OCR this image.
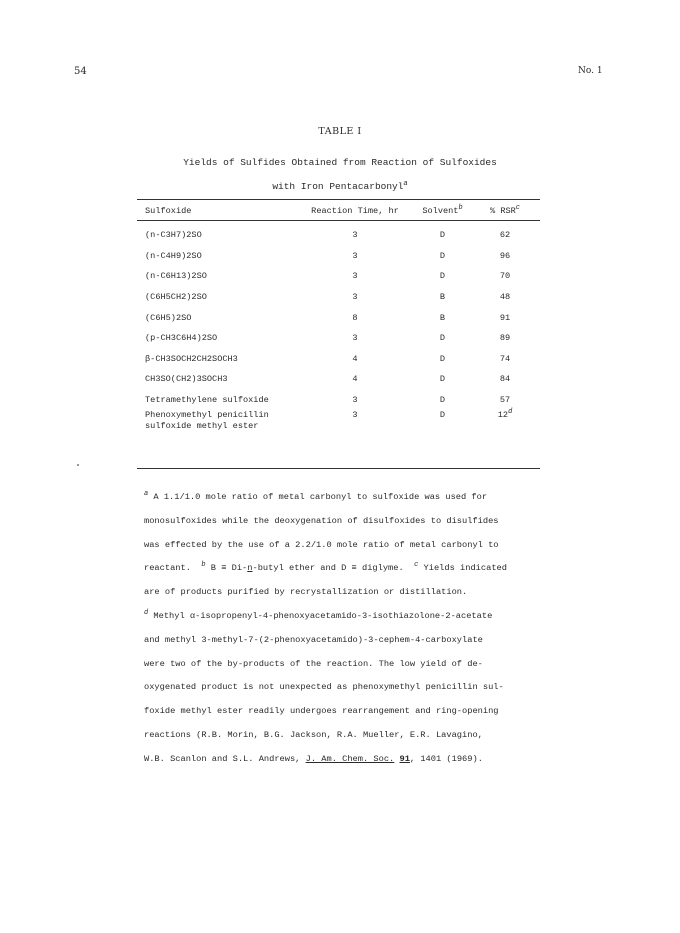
54	No. 1
TABLE I
Yields of Sulfides Obtained from Reaction of Sulfoxides
with Iron Pentacarbonyl$^a$
Sulfoxide	Reaction Time, hr	Solvent$^b$	% RSR$^c$

(n-C3H7)2SO	3	D	62
(n-C4H9)2SO	3	D	96
(n-C6H13)2SO	3	D	70
(C6H5CH2)2SO	3	B	48
(C6H5)2SO	8	B	91
(p-CH3C6H4)2SO	3	D	89
β-CH3SOCH2CH2SOCH3	4	D	74
CH3SO(CH2)3SOCH3	4	D	84
Tetramethylene sulfoxide	3	D	57

Phenoxymethyl penicillin
sulfoxide methyl ester	3	D	12$^d$

$^a$ A 1.1/1.0 mole ratio of metal carbonyl to sulfoxide was used for

monosulfoxides while the deoxygenation of disulfoxides to disulfides

was effected by the use of a 2.2/1.0 mole ratio of metal carbonyl to

reactant. $^b$ B ≡ Di-n-butyl ether and D ≡ diglyme. $^c$ Yields indicated

are of products purified by recrystallization or distillation.

$^d$ Methyl α-isopropenyl-4-phenoxyacetamido-3-isothiazolone-2-acetate

and methyl 3-methyl-7-(2-phenoxyacetamido)-3-cephem-4-carboxylate

were two of the by-products of the reaction. The low yield of de-

oxygenated product is not unexpected as phenoxymethyl penicillin sul-

foxide methyl ester readily undergoes rearrangement and ring-opening

reactions (R.B. Morin, B.G. Jackson, R.A. Mueller, E.R. Lavagino,

W.B. Scanlon and S.L. Andrews, J. Am. Chem. Soc. 91, 1401 (1969).
